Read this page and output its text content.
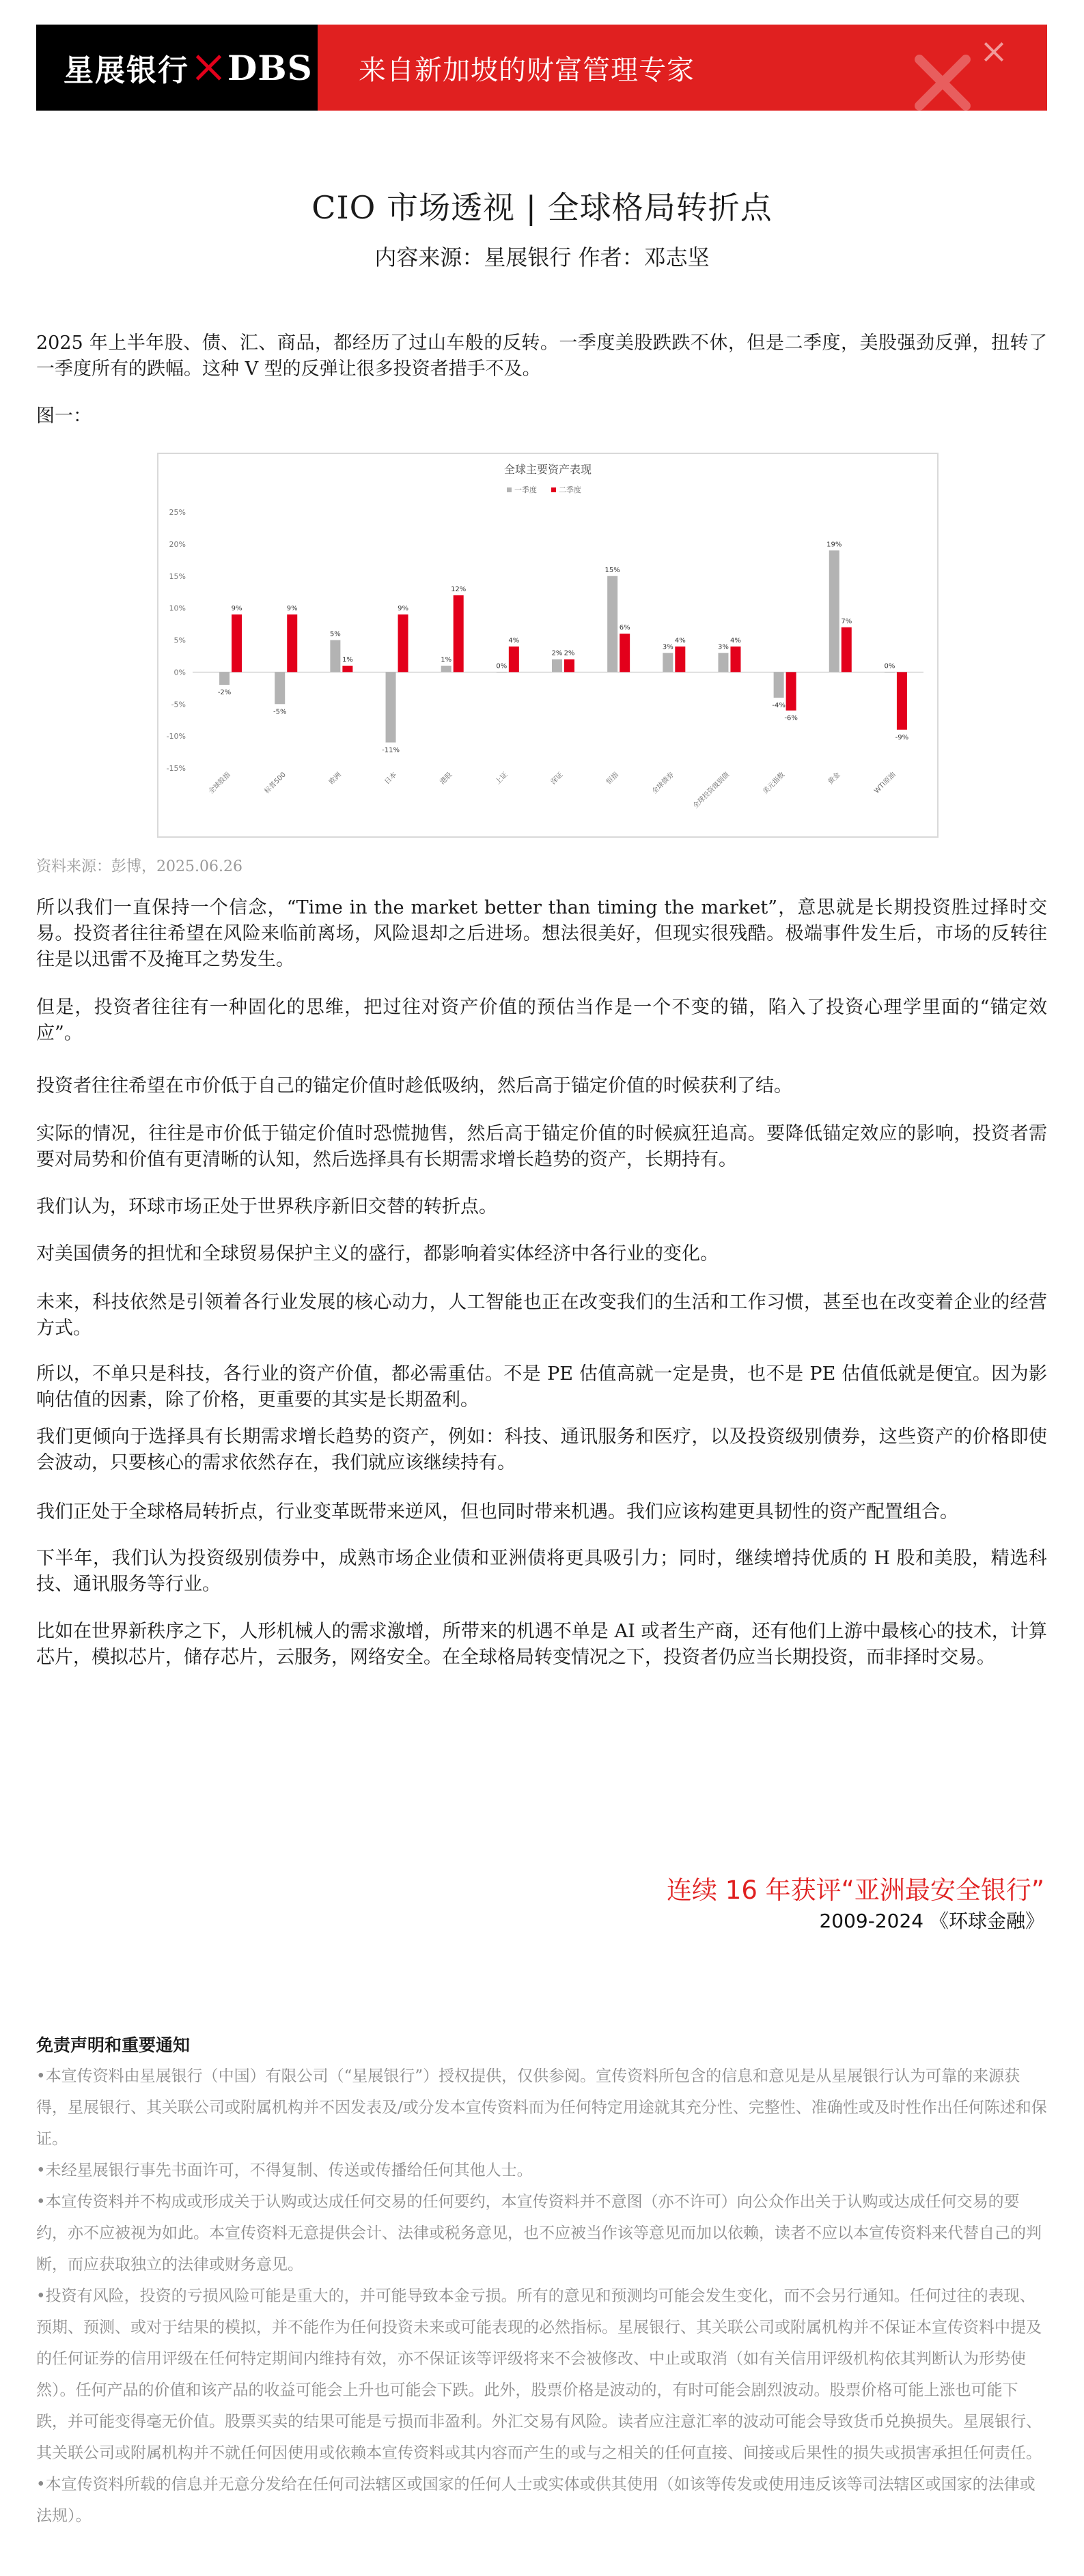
星展银行 DBS 来自新加坡的财富管理专家
CIO 市场透视 | 全球格局转折点
内容来源：星展银行 作者：邓志坚

2025 年上半年股、债、汇、商品，都经历了过山车般的反转。一季度美股跌跌不休，但是二季度，美股强劲反弹，扭转了一季度所有的跌幅。这种 V 型的反弹让很多投资者措手不及。

图一：

全球主要资产表现
一季度	二季度
25%
20%
15%
10%
5%
0%
-5%
-10%
-15%
-2%
9%
全球股指
-5%
9%
标普500
5%
1%
欧洲
-11%
9%
日本
1%
12%
港股
0%
4%
上证
2% 2%
深证
15%
6%
恒指
3%
4%
全球债券
3%
4%
全球投资级别债
-4%
-6%
美元指数
19%
7%
黄金
0%
-9%
WTI原油
资料来源：彭博，2025.06.26

所以我们一直保持一个信念，“Time in the market better than timing the market”，意思就是长期投资胜过择时交易。投资者往往希望在风险来临前离场，风险退却之后进场。想法很美好，但现实很残酷。极端事件发生后，市场的反转往往是以迅雷不及掩耳之势发生。

但是，投资者往往有一种固化的思维，把过往对资产价值的预估当作是一个不变的锚，陷入了投资心理学里面的“锚定效应”。

投资者往往希望在市价低于自己的锚定价值时趁低吸纳，然后高于锚定价值的时候获利了结。

实际的情况，往往是市价低于锚定价值时恐慌抛售，然后高于锚定价值的时候疯狂追高。要降低锚定效应的影响，投资者需要对局势和价值有更清晰的认知，然后选择具有长期需求增长趋势的资产，长期持有。

我们认为，环球市场正处于世界秩序新旧交替的转折点。

对美国债务的担忧和全球贸易保护主义的盛行，都影响着实体经济中各行业的变化。

未来，科技依然是引领着各行业发展的核心动力，人工智能也正在改变我们的生活和工作习惯，甚至也在改变着企业的经营方式。

所以，不单只是科技，各行业的资产价值，都必需重估。不是 PE 估值高就一定是贵，也不是 PE 估值低就是便宜。因为影响估值的因素，除了价格，更重要的其实是长期盈利。

我们更倾向于选择具有长期需求增长趋势的资产，例如：科技、通讯服务和医疗，以及投资级别债券，这些资产的价格即使会波动，只要核心的需求依然存在，我们就应该继续持有。

我们正处于全球格局转折点，行业变革既带来逆风，但也同时带来机遇。我们应该构建更具韧性的资产配置组合。

下半年，我们认为投资级别债券中，成熟市场企业债和亚洲债将更具吸引力；同时，继续增持优质的 H 股和美股，精选科技、通讯服务等行业。

比如在世界新秩序之下，人形机械人的需求激增，所带来的机遇不单是 AI 或者生产商，还有他们上游中最核心的技术，计算芯片，模拟芯片，储存芯片，云服务，网络安全。在全球格局转变情况之下，投资者仍应当长期投资，而非择时交易。

连续 16 年获评“亚洲最安全银行”
2009-2024 《环球金融》
免责声明和重要通知

•本宣传资料由星展银行（中国）有限公司（“星展银行”）授权提供，仅供参阅。宣传资料所包含的信息和意见是从星展银行认为可靠的来源获得，星展银行、其关联公司或附属机构并不因发表及/或分发本宣传资料而为任何特定用途就其充分性、完整性、准确性或及时性作出任何陈述和保证。

•未经星展银行事先书面许可，不得复制、传送或传播给任何其他人士。

•本宣传资料并不构成或形成关于认购或达成任何交易的任何要约，本宣传资料并不意图（亦不许可）向公众作出关于认购或达成任何交易的要约，亦不应被视为如此。本宣传资料无意提供会计、法律或税务意见，也不应被当作该等意见而加以依赖，读者不应以本宣传资料来代替自己的判断，而应获取独立的法律或财务意见。

•投资有风险，投资的亏损风险可能是重大的，并可能导致本金亏损。所有的意见和预测均可能会发生变化，而不会另行通知。任何过往的表现、预期、预测、或对于结果的模拟，并不能作为任何投资未来或可能表现的必然指标。星展银行、其关联公司或附属机构并不保证本宣传资料中提及的任何证券的信用评级在任何特定期间内维持有效，亦不保证该等评级将来不会被修改、中止或取消（如有关信用评级机构依其判断认为形势使然）。任何产品的价值和该产品的收益可能会上升也可能会下跌。此外，股票价格是波动的，有时可能会剧烈波动。股票价格可能上涨也可能下跌，并可能变得毫无价值。股票买卖的结果可能是亏损而非盈利。外汇交易有风险。读者应注意汇率的波动可能会导致货币兑换损失。星展银行、其关联公司或附属机构并不就任何因使用或依赖本宣传资料或其内容而产生的或与之相关的任何直接、间接或后果性的损失或损害承担任何责任。

•本宣传资料所载的信息并无意分发给在任何司法辖区或国家的任何人士或实体或供其使用（如该等传发或使用违反该等司法辖区或国家的法律或法规）。
